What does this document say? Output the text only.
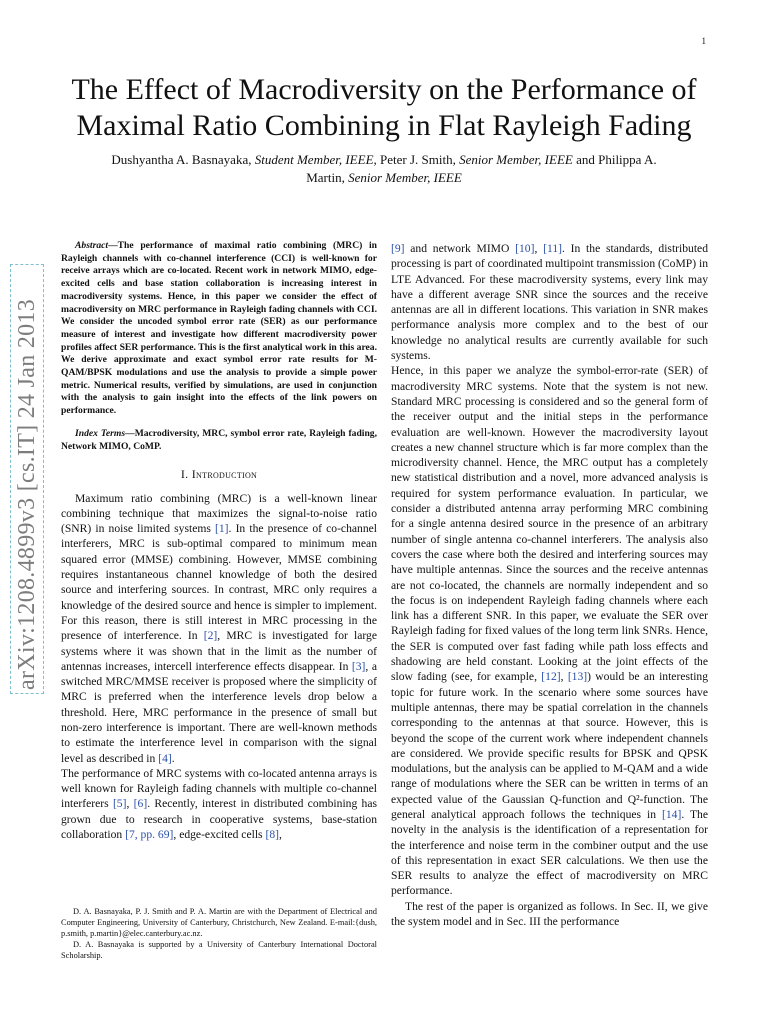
1
arXiv:1208.4899v3 [cs.IT] 24 Jan 2013
The Effect of Macrodiversity on the Performance of Maximal Ratio Combining in Flat Rayleigh Fading
Dushyantha A. Basnayaka, Student Member, IEEE, Peter J. Smith, Senior Member, IEEE and Philippa A. Martin, Senior Member, IEEE

Abstract—The performance of maximal ratio combining (MRC) in Rayleigh channels with co-channel interference (CCI) is well-known for receive arrays which are co-located. Recent work in network MIMO, edge-excited cells and base station collaboration is increasing interest in macrodiversity systems. Hence, in this paper we consider the effect of macrodiversity on MRC performance in Rayleigh fading channels with CCI. We consider the uncoded symbol error rate (SER) as our performance measure of interest and investigate how different macrodiversity power profiles affect SER performance. This is the first analytical work in this area. We derive approximate and exact symbol error rate results for M-QAM/BPSK modulations and use the analysis to provide a simple power metric. Numerical results, verified by simulations, are used in conjunction with the analysis to gain insight into the effects of the link powers on performance.

Index Terms—Macrodiversity, MRC, symbol error rate, Rayleigh fading, Network MIMO, CoMP.

I. Introduction

Maximum ratio combining (MRC) is a well-known linear combining technique that maximizes the signal-to-noise ratio (SNR) in noise limited systems [1]. In the presence of co-channel interferers, MRC is sub-optimal compared to minimum mean squared error (MMSE) combining. However, MMSE combining requires instantaneous channel knowledge of both the desired source and interfering sources. In contrast, MRC only requires a knowledge of the desired source and hence is simpler to implement. For this reason, there is still interest in MRC processing in the presence of interference. In [2], MRC is investigated for large systems where it was shown that in the limit as the number of antennas increases, intercell interference effects disappear. In [3], a switched MRC/MMSE receiver is proposed where the simplicity of MRC is preferred when the interference levels drop below a threshold. Here, MRC performance in the presence of small but non-zero interference is important. There are well-known methods to estimate the interference level in comparison with the signal level as described in [4].

The performance of MRC systems with co-located antenna arrays is well known for Rayleigh fading channels with multiple co-channel interferers [5], [6]. Recently, interest in distributed combining has grown due to research in cooperative systems, base-station collaboration [7, pp. 69], edge-excited cells [8],

D. A. Basnayaka, P. J. Smith and P. A. Martin are with the Department of Electrical and Computer Engineering, University of Canterbury, Christchurch, New Zealand. E-mail:{dush, p.smith, p.martin}@elec.canterbury.ac.nz.

D. A. Basnayaka is supported by a University of Canterbury International Doctoral Scholarship.

[9] and network MIMO [10], [11]. In the standards, distributed processing is part of coordinated multipoint transmission (CoMP) in LTE Advanced. For these macrodiversity systems, every link may have a different average SNR since the sources and the receive antennas are all in different locations. This variation in SNR makes performance analysis more complex and to the best of our knowledge no analytical results are currently available for such systems.

Hence, in this paper we analyze the symbol-error-rate (SER) of macrodiversity MRC systems. Note that the system is not new. Standard MRC processing is considered and so the general form of the receiver output and the initial steps in the performance evaluation are well-known. However the macrodiversity layout creates a new channel structure which is far more complex than the microdiversity channel. Hence, the MRC output has a completely new statistical distribution and a novel, more advanced analysis is required for system performance evaluation. In particular, we consider a distributed antenna array performing MRC combining for a single antenna desired source in the presence of an arbitrary number of single antenna co-channel interferers. The analysis also covers the case where both the desired and interfering sources may have multiple antennas. Since the sources and the receive antennas are not co-located, the channels are normally independent and so the focus is on independent Rayleigh fading channels where each link has a different SNR. In this paper, we evaluate the SER over Rayleigh fading for fixed values of the long term link SNRs. Hence, the SER is computed over fast fading while path loss effects and shadowing are held constant. Looking at the joint effects of the slow fading (see, for example, [12], [13]) would be an interesting topic for future work. In the scenario where some sources have multiple antennas, there may be spatial correlation in the channels corresponding to the antennas at that source. However, this is beyond the scope of the current work where independent channels are considered. We provide specific results for BPSK and QPSK modulations, but the analysis can be applied to M-QAM and a wide range of modulations where the SER can be written in terms of an expected value of the Gaussian Q-function and Q²-function. The general analytical approach follows the techniques in [14]. The novelty in the analysis is the identification of a representation for the interference and noise term in the combiner output and the use of this representation in exact SER calculations. We then use the SER results to analyze the effect of macrodiversity on MRC performance.

The rest of the paper is organized as follows. In Sec. II, we give the system model and in Sec. III the performance
